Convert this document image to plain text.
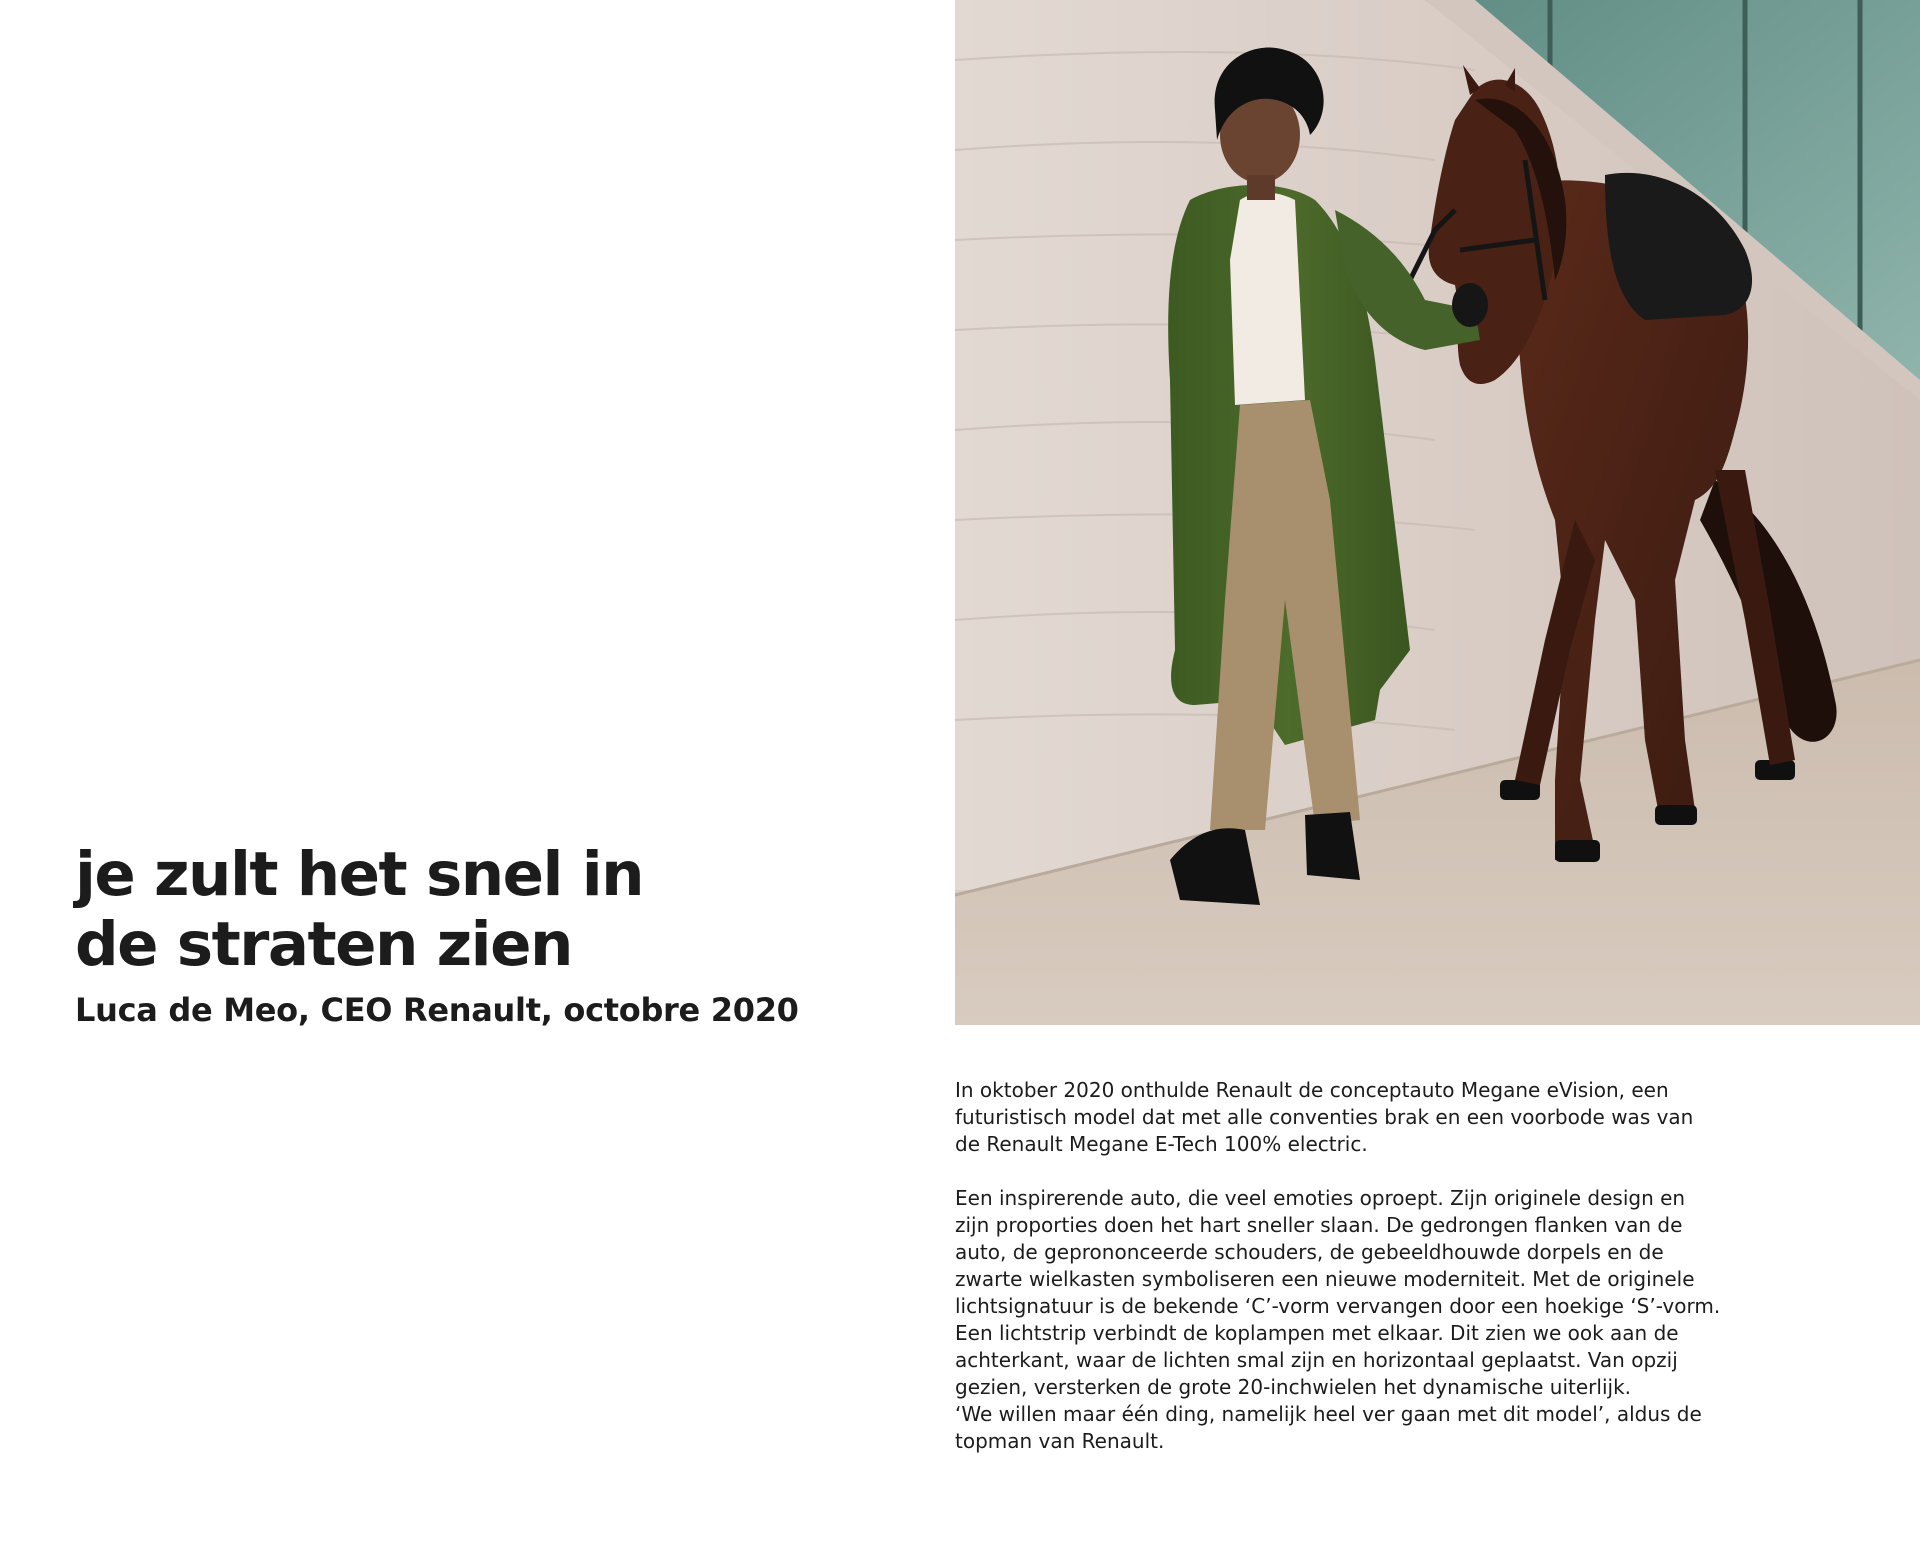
je zult het snel in
de straten zien

Luca de Meo, CEO Renault, octobre 2020

In oktober 2020 onthulde Renault de conceptauto Megane eVision, een
futuristisch model dat met alle conventies brak en een voorbode was van
de Renault Megane E-Tech 100% electric.

Een inspirerende auto, die veel emoties oproept. Zijn originele design en
zijn proporties doen het hart sneller slaan. De gedrongen flanken van de
auto, de geprononceerde schouders, de gebeeldhouwde dorpels en de
zwarte wielkasten symboliseren een nieuwe moderniteit. Met de originele
lichtsignatuur is de bekende ‘C’-vorm vervangen door een hoekige ‘S’-vorm.
Een lichtstrip verbindt de koplampen met elkaar. Dit zien we ook aan de
achterkant, waar de lichten smal zijn en horizontaal geplaatst. Van opzij
gezien, versterken de grote 20-inchwielen het dynamische uiterlijk.
‘We willen maar één ding, namelijk heel ver gaan met dit model’, aldus de
topman van Renault.
